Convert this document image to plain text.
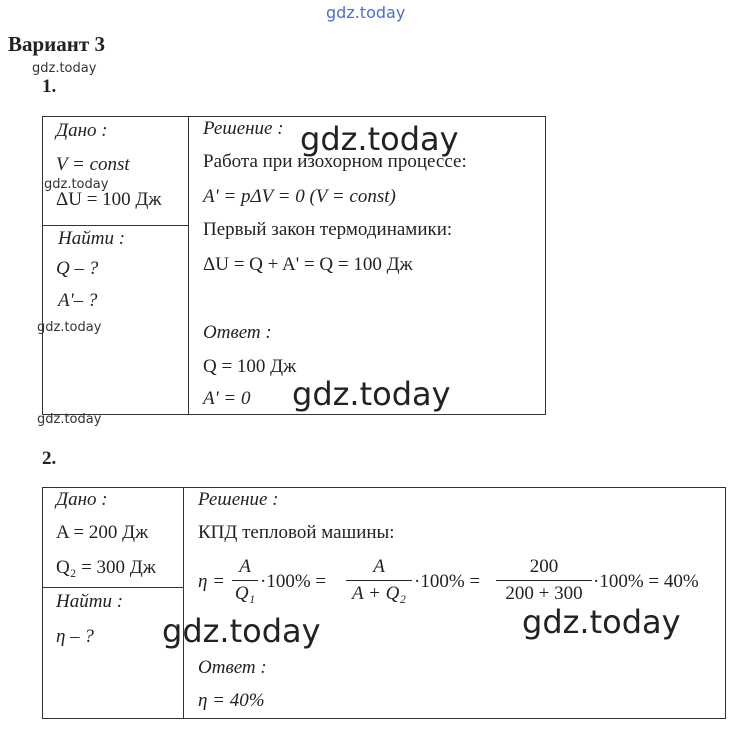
gdz.today
Вариант 3
gdz.today
1.
Дано :
V = const
ΔU = 100 Дж
Найти :
Q – ?
A'– ?
Решение :
Работа при изохорном процессе:
A' = pΔV = 0 (V = const)
Первый закон термодинамики:
ΔU = Q + A' = Q = 100 Дж
Ответ :
Q = 100 Дж
A' = 0
gdz.today
gdz.today
gdz.today
gdz.today
gdz.today
2.
Дано :
A = 200 Дж
Q₂ = 300 Дж
Найти :
η – ?
Решение :
КПД тепловой машины:
η =
A
Q₁
·100% =
A
A + Q₂
·100% =
200
200 + 300
·100% = 40%
Ответ :
η = 40%
gdz.today	gdz.today
